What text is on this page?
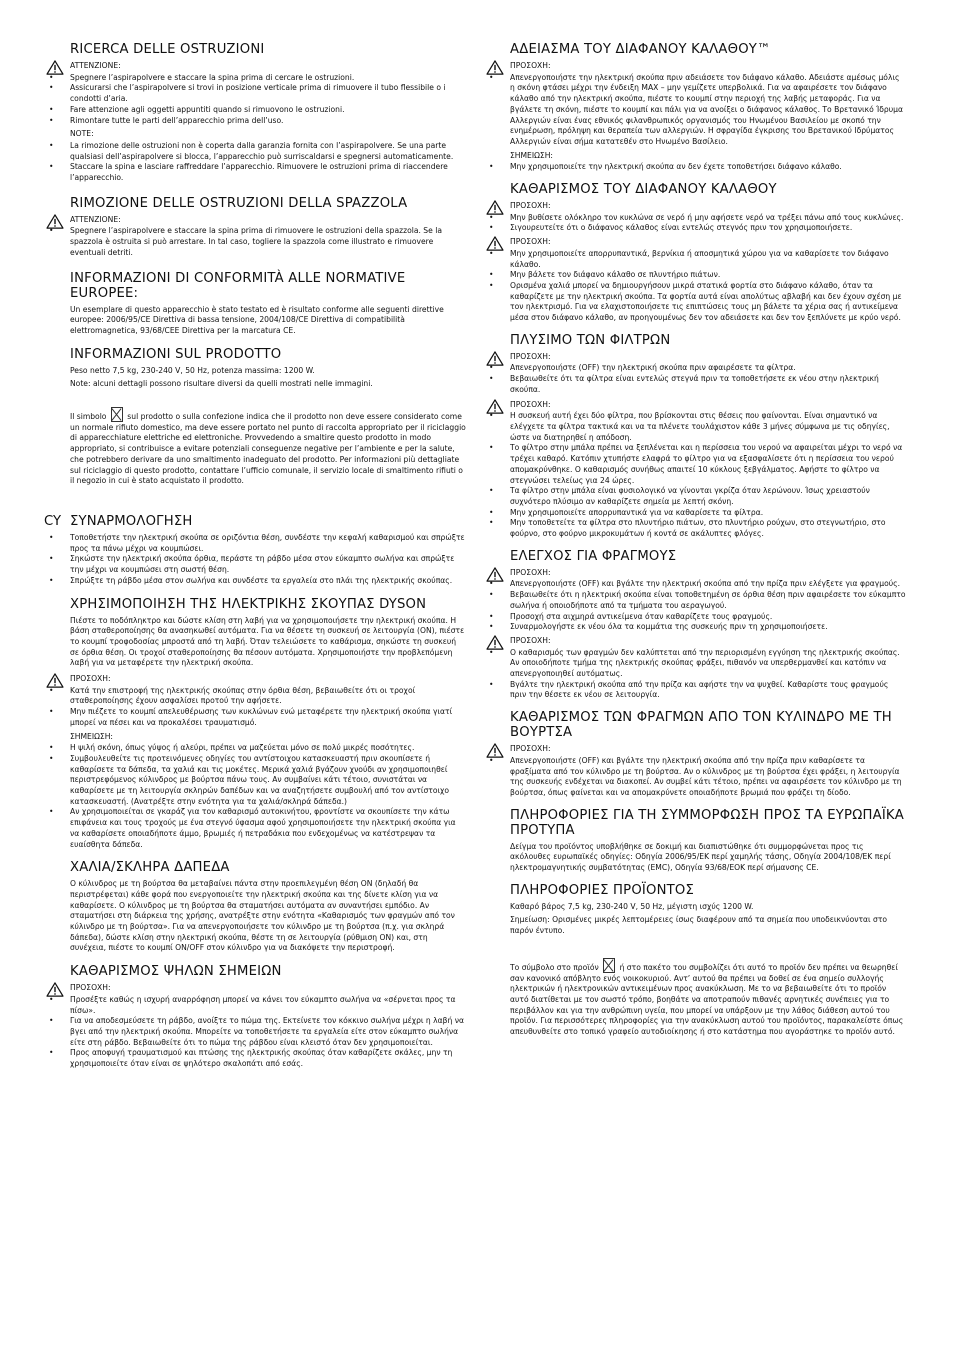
RICERCA DELLE OSTRUZIONI
ATTENZIONE:
• Spegnere l’aspirapolvere e staccare la spina prima di cercare le ostruzioni.
• Assicurarsi che l’aspirapolvere si trovi in posizione verticale prima di rimuovere il tubo flessibile o i condotti d’aria.
• Fare attenzione agli oggetti appuntiti quando si rimuovono le ostruzioni.
• Rimontare tutte le parti dell’apparecchio prima dell’uso.
NOTE:
• La rimozione delle ostruzioni non è coperta dalla garanzia fornita con l’aspirapolvere. Se una parte qualsiasi dell’aspirapolvere si blocca, l’apparecchio può surriscaldarsi e spegnersi automaticamente.
• Staccare la spina e lasciare raffreddare l’apparecchio. Rimuovere le ostruzioni prima di riaccendere l’apparecchio.
RIMOZIONE DELLE OSTRUZIONI DELLA SPAZZOLA
ATTENZIONE:
• Spegnere l’aspirapolvere e staccare la spina prima di rimuovere le ostruzioni della spazzola. Se la spazzola è ostruita si può arrestare. In tal caso, togliere la spazzola come illustrato e rimuovere eventuali detriti.
INFORMAZIONI DI CONFORMITÀ ALLE NORMATIVE EUROPEE:
Un esemplare di questo apparecchio è stato testato ed è risultato conforme alle seguenti direttive europee: 2006/95/CE Direttiva di bassa tensione, 2004/108/CE Direttiva di compatibilità elettromagnetica, 93/68/CEE Direttiva per la marcatura CE.
INFORMAZIONI SUL PRODOTTO
Peso netto 7,5 kg, 230-240 V, 50 Hz, potenza massima: 1200 W.
Note: alcuni dettagli possono risultare diversi da quelli mostrati nelle immagini.
Il simbolo	sul prodotto o sulla confezione indica che il prodotto non deve essere considerato come un normale rifiuto domestico, ma deve essere portato nel punto di raccolta appropriato per il riciclaggio di apparecchiature elettriche ed elettroniche. Provvedendo a smaltire questo prodotto in modo appropriato, si contribuisce a evitare potenziali conseguenze negative per l’ambiente e per la salute, che potrebbero derivare da uno smaltimento inadeguato del prodotto. Per informazioni più dettagliate sul riciclaggio di questo prodotto, contattare l’ufficio comunale, il servizio locale di smaltimento rifiuti o il negozio in cui è stato acquistato il prodotto.
CY ΣΥΝΑΡΜΟΛΟΓΗΣΗ
• Τοποθετήστε την ηλεκτρική σκούπα σε οριζόντια θέση, συνδέστε την κεφαλή καθαρισμού και σπρώξτε προς τα πάνω μέχρι να κουμπώσει.
• Σηκώστε την ηλεκτρική σκούπα όρθια, περάστε τη ράβδο μέσα στον εύκαμπτο σωλήνα και σπρώξτε την μέχρι να κουμπώσει στη σωστή θέση.
• Σπρώξτε τη ράβδο μέσα στον σωλήνα και συνδέστε τα εργαλεία στο πλάι της ηλεκτρικής σκούπας.
ΧΡΗΣΙΜΟΠΟΙΗΣΗ ΤΗΣ ΗΛΕΚΤΡΙΚΗΣ ΣΚΟΥΠΑΣ DYSON
Πιέστε το ποδόπληκτρο και δώστε κλίση στη λαβή για να χρησιμοποιήσετε την ηλεκτρική σκούπα. Η βάση σταθεροποίησης θα ανασηκωθεί αυτόματα. Για να θέσετε τη συσκευή σε λειτουργία (ON), πιέστε το κουμπί τροφοδοσίας μπροστά από τη λαβή. Όταν τελειώσετε το καθάρισμα, σηκώστε τη συσκευή σε όρθια θέση. Οι τροχοί σταθεροποίησης θα πέσουν αυτόματα. Χρησιμοποιήστε την προβλεπόμενη λαβή για να μεταφέρετε την ηλεκτρική σκούπα.
ΠΡΟΣΟΧΗ:
• Κατά την επιστροφή της ηλεκτρικής σκούπας στην όρθια θέση, βεβαιωθείτε ότι οι τροχοί σταθεροποίησης έχουν ασφαλίσει προτού την αφήσετε.
• Μην πιέζετε το κουμπί απελευθέρωσης των κυκλώνων ενώ μεταφέρετε την ηλεκτρική σκούπα γιατί μπορεί να πέσει και να προκαλέσει τραυματισμό.
ΣΗΜΕΙΩΣΗ:
• Η ψιλή σκόνη, όπως γύψος ή αλεύρι, πρέπει να μαζεύεται μόνο σε πολύ μικρές ποσότητες.
• Συμβουλευθείτε τις προτεινόμενες οδηγίες του αντίστοιχου κατασκευαστή πριν σκουπίσετε ή καθαρίσετε τα δάπεδα, τα χαλιά και τις μοκέτες. Μερικά χαλιά βγάζουν χνούδι αν χρησιμοποιηθεί περιστρεφόμενος κύλινδρος με βούρτσα πάνω τους. Αν συμβαίνει κάτι τέτοιο, συνιστάται να καθαρίσετε με τη λειτουργία σκληρών δαπέδων και να αναζητήσετε συμβουλή από τον αντίστοιχο κατασκευαστή. (Ανατρέξτε στην ενότητα για τα χαλιά/σκληρά δάπεδα.)
• Αν χρησιμοποιείται σε γκαράζ για τον καθαρισμό αυτοκινήτου, φροντίστε να σκουπίσετε την κάτω επιφάνεια και τους τροχούς με ένα στεγνό ύφασμα αφού χρησιμοποιήσετε την ηλεκτρική σκούπα για να καθαρίσετε οποιαδήποτε άμμο, βρωμιές ή πετραδάκια που ενδεχομένως να κατέστρεψαν τα ευαίσθητα δάπεδα.
ΧΑΛΙΑ/ΣΚΛΗΡΑ ΔΑΠΕΔΑ
Ο κύλινδρος με τη βούρτσα θα μεταβαίνει πάντα στην προεπιλεγμένη θέση ON (δηλαδή θα περιστρέφεται) κάθε φορά που ενεργοποιείτε την ηλεκτρική σκούπα και της δίνετε κλίση για να καθαρίσετε. Ο κύλινδρος με τη βούρτσα θα σταματήσει αυτόματα αν συναντήσει εμπόδιο. Αν σταματήσει στη διάρκεια της χρήσης, ανατρέξτε στην ενότητα «Καθαρισμός των φραγμών από τον κύλινδρο με τη βούρτσα». Για να απενεργοποιήσετε τον κύλινδρο με τη βούρτσα (π.χ. για σκληρά δάπεδα), δώστε κλίση στην ηλεκτρική σκούπα, θέστε τη σε λειτουργία (ρύθμιση ON) και, στη συνέχεια, πιέστε το κουμπί ON/OFF στον κύλινδρο για να διακόψετε την περιστροφή.
ΚΑΘΑΡΙΣΜΟΣ ΨΗΛΩΝ ΣΗΜΕΙΩΝ
ΠΡΟΣΟΧΗ:
• Προσέξτε καθώς η ισχυρή αναρρόφηση μπορεί να κάνει τον εύκαμπτο σωλήνα να «σέρνεται προς τα πίσω».
• Για να αποδεσμεύσετε τη ράβδο, ανοίξτε το πώμα της. Εκτείνετε τον κόκκινο σωλήνα μέχρι η λαβή να βγει από την ηλεκτρική σκούπα. Μπορείτε να τοποθετήσετε τα εργαλεία είτε στον εύκαμπτο σωλήνα είτε στη ράβδο. Βεβαιωθείτε ότι το πώμα της ράβδου είναι κλειστό όταν δεν χρησιμοποιείται.
• Προς αποφυγή τραυματισμού και πτώσης της ηλεκτρικής σκούπας όταν καθαρίζετε σκάλες, μην τη χρησιμοποιείτε όταν είναι σε ψηλότερο σκαλοπάτι από εσάς.
ΑΔΕΙΑΣΜΑ ΤΟΥ ΔΙΑΦΑΝΟΥ ΚΑΛΑΘΟΥ™
ΠΡΟΣΟΧΗ:
• Απενεργοποιήστε την ηλεκτρική σκούπα πριν αδειάσετε τον διάφανο κάλαθο. Αδειάστε αμέσως μόλις η σκόνη φτάσει μέχρι την ένδειξη MAX – μην γεμίζετε υπερβολικά. Για να αφαιρέσετε τον διάφανο κάλαθο από την ηλεκτρική σκούπα, πιέστε το κουμπί στην περιοχή της λαβής μεταφοράς. Για να βγάλετε τη σκόνη, πιέστε το κουμπί και πάλι για να ανοίξει ο διάφανος κάλαθος. Το Βρετανικό Ίδρυμα Αλλεργιών είναι ένας εθνικός φιλανθρωπικός οργανισμός του Ηνωμένου Βασιλείου με σκοπό την ενημέρωση, πρόληψη και θεραπεία των αλλεργιών. Η σφραγίδα έγκρισης του Βρετανικού Ιδρύματος Αλλεργιών είναι σήμα κατατεθέν στο Ηνωμένο Βασίλειο.
ΣΗΜΕΙΩΣΗ:
• Μην χρησιμοποιείτε την ηλεκτρική σκούπα αν δεν έχετε τοποθετήσει διάφανο κάλαθο.
ΚΑΘΑΡΙΣΜΟΣ ΤΟΥ ΔΙΑΦΑΝΟΥ ΚΑΛΑΘΟΥ
ΠΡΟΣΟΧΗ:
• Μην βυθίσετε ολόκληρο τον κυκλώνα σε νερό ή μην αφήσετε νερό να τρέξει πάνω από τους κυκλώνες.
• Σιγουρευτείτε ότι ο διάφανος κάλαθος είναι εντελώς στεγνός πριν τον χρησιμοποιήσετε.
ΠΡΟΣΟΧΗ:
• Μην χρησιμοποιείτε απορρυπαντικά, βερνίκια ή αποσμητικά χώρου για να καθαρίσετε τον διάφανο κάλαθο.
• Μην βάλετε τον διάφανο κάλαθο σε πλυντήριο πιάτων.
• Ορισμένα χαλιά μπορεί να δημιουργήσουν μικρά στατικά φορτία στο διάφανο κάλαθο, όταν τα καθαρίζετε με την ηλεκτρική σκούπα. Τα φορτία αυτά είναι απολύτως αβλαβή και δεν έχουν σχέση με τον ηλεκτρισμό. Για να ελαχιστοποιήσετε τις επιπτώσεις τους μη βάλετε τα χέρια σας ή αντικείμενα μέσα στον διάφανο κάλαθο, αν προηγουμένως δεν τον αδειάσετε και δεν τον ξεπλύνετε με κρύο νερό.
ΠΛΥΣΙΜΟ ΤΩΝ ΦΙΛΤΡΩΝ
ΠΡΟΣΟΧΗ:
• Απενεργοποιήστε (OFF) την ηλεκτρική σκούπα πριν αφαιρέσετε τα φίλτρα.
• Βεβαιωθείτε ότι τα φίλτρα είναι εντελώς στεγνά πριν τα τοποθετήσετε εκ νέου στην ηλεκτρική σκούπα.
ΠΡΟΣΟΧΗ:
• Η συσκευή αυτή έχει δύο φίλτρα, που βρίσκονται στις θέσεις που φαίνονται. Είναι σημαντικό να ελέγχετε τα φίλτρα τακτικά και να τα πλένετε τουλάχιστον κάθε 3 μήνες σύμφωνα με τις οδηγίες, ώστε να διατηρηθεί η απόδοση.
• Το φίλτρο στην μπάλα πρέπει να ξεπλένεται και η περίσσεια του νερού να αφαιρείται μέχρι το νερό να τρέχει καθαρό. Κατόπιν χτυπήστε ελαφρά το φίλτρο για να εξασφαλίσετε ότι η περίσσεια του νερού απομακρύνθηκε. Ο καθαρισμός συνήθως απαιτεί 10 κύκλους ξεβγάλματος. Αφήστε το φίλτρο να στεγνώσει τελείως για 24 ώρες.
• Τα φίλτρο στην μπάλα είναι φυσιολογικό να γίνονται γκρίζα όταν λερώνουν. Ίσως χρειαστούν συχνότερο πλύσιμο αν καθαρίζετε σημεία με λεπτή σκόνη.
• Μην χρησιμοποιείτε απορρυπαντικά για να καθαρίσετε τα φίλτρα.
• Μην τοποθετείτε τα φίλτρα στο πλυντήριο πιάτων, στο πλυντήριο ρούχων, στο στεγνωτήριο, στο φούρνο, στο φούρνο μικροκυμάτων ή κοντά σε ακάλυπτες φλόγες.
ΕΛΕΓΧΟΣ ΓΙΑ ΦΡΑΓΜΟΥΣ
ΠΡΟΣΟΧΗ:
• Απενεργοποιήστε (OFF) και βγάλτε την ηλεκτρική σκούπα από την πρίζα πριν ελέγξετε για φραγμούς.
• Βεβαιωθείτε ότι η ηλεκτρική σκούπα είναι τοποθετημένη σε όρθια θέση πριν αφαιρέσετε τον εύκαμπτο σωλήνα ή οποιοδήποτε από τα τμήματα του αεραγωγού.
• Προσοχή στα αιχμηρά αντικείμενα όταν καθαρίζετε τους φραγμούς.
• Συναρμολογήστε εκ νέου όλα τα κομμάτια της συσκευής πριν τη χρησιμοποιήσετε.
ΠΡΟΣΟΧΗ:
• Ο καθαρισμός των φραγμών δεν καλύπτεται από την περιορισμένη εγγύηση της ηλεκτρικής σκούπας. Αν οποιοδήποτε τμήμα της ηλεκτρικής σκούπας φράξει, πιθανόν να υπερθερμανθεί και κατόπιν να απενεργοποιηθεί αυτόματως.
• Βγάλτε την ηλεκτρική σκούπα από την πρίζα και αφήστε την να ψυχθεί. Καθαρίστε τους φραγμούς πριν την θέσετε εκ νέου σε λειτουργία.
ΚΑΘΑΡΙΣΜΟΣ ΤΩΝ ΦΡΑΓΜΩΝ ΑΠΟ ΤΟΝ ΚΥΛΙΝΔΡΟ ΜΕ ΤΗ ΒΟΥΡΤΣΑ
ΠΡΟΣΟΧΗ:
• Απενεργοποιήστε (OFF) και βγάλτε την ηλεκτρική σκούπα από την πρίζα πριν καθαρίσετε τα φραξίματα από τον κύλινδρο με τη βούρτσα. Αν ο κύλινδρος με τη βούρτσα έχει φράξει, η λειτουργία της συσκευής ενδέχεται να διακοπεί. Αν συμβεί κάτι τέτοιο, πρέπει να αφαιρέσετε τον κύλινδρο με τη βούρτσα, όπως φαίνεται και να απομακρύνετε οποιαδήποτε βρωμιά που φράζει τη δίοδο.
ΠΛΗΡΟΦΟΡΙΕΣ ΓΙΑ ΤΗ ΣΥΜΜΟΡΦΩΣΗ ΠΡΟΣ ΤΑ ΕΥΡΩΠΑΪΚΑ ΠΡΟΤΥΠΑ
Δείγμα του προϊόντος υποβλήθηκε σε δοκιμή και διαπιστώθηκε ότι συμμορφώνεται προς τις ακόλουθες ευρωπαϊκές οδηγίες: Οδηγία 2006/95/ΕΚ περί χαμηλής τάσης, Οδηγία 2004/108/ΕΚ περί ηλεκτρομαγνητικής συμβατότητας (EMC), Οδηγία 93/68/ΕΟΚ περί σήμανσης CE.
ΠΛΗΡΟΦΟΡΙΕΣ ΠΡΟΪΟΝΤΟΣ
Καθαρό βάρος 7,5 kg, 230-240 V, 50 Hz, μέγιστη ισχύς 1200 W.
Σημείωση: Ορισμένες μικρές λεπτομέρειες ίσως διαφέρουν από τα σημεία που υποδεικνύονται στο παρόν έντυπο.
Το σύμβολο στο προϊόν	ή στο πακέτο του συμβολίζει ότι αυτό το προϊόν δεν πρέπει να θεωρηθεί σαν κανονικό απόβλητο ενός νοικοκυριού. Αντ’ αυτού θα πρέπει να δοθεί σε ένα σημείο συλλογής ηλεκτρικών ή ηλεκτρονικών αντικειμένων προς ανακύκλωση. Με το να βεβαιωθείτε ότι το προϊόν αυτό διατίθεται με τον σωστό τρόπο, βοηθάτε να αποτραπούν πιθανές αρνητικές συνέπειες για το περιβάλλον και για την ανθρώπινη υγεία, που μπορεί να υπάρξουν με την λάθος διάθεση αυτού του προϊόν. Για περισσότερες πληροφορίες για την ανακύκλωση αυτού του προϊόντος, παρακαλείστε όπως απευθυνθείτε στο τοπικό γραφείο αυτοδιοίκησης ή στο κατάστημα που αγοράστηκε το προϊόν αυτό.
